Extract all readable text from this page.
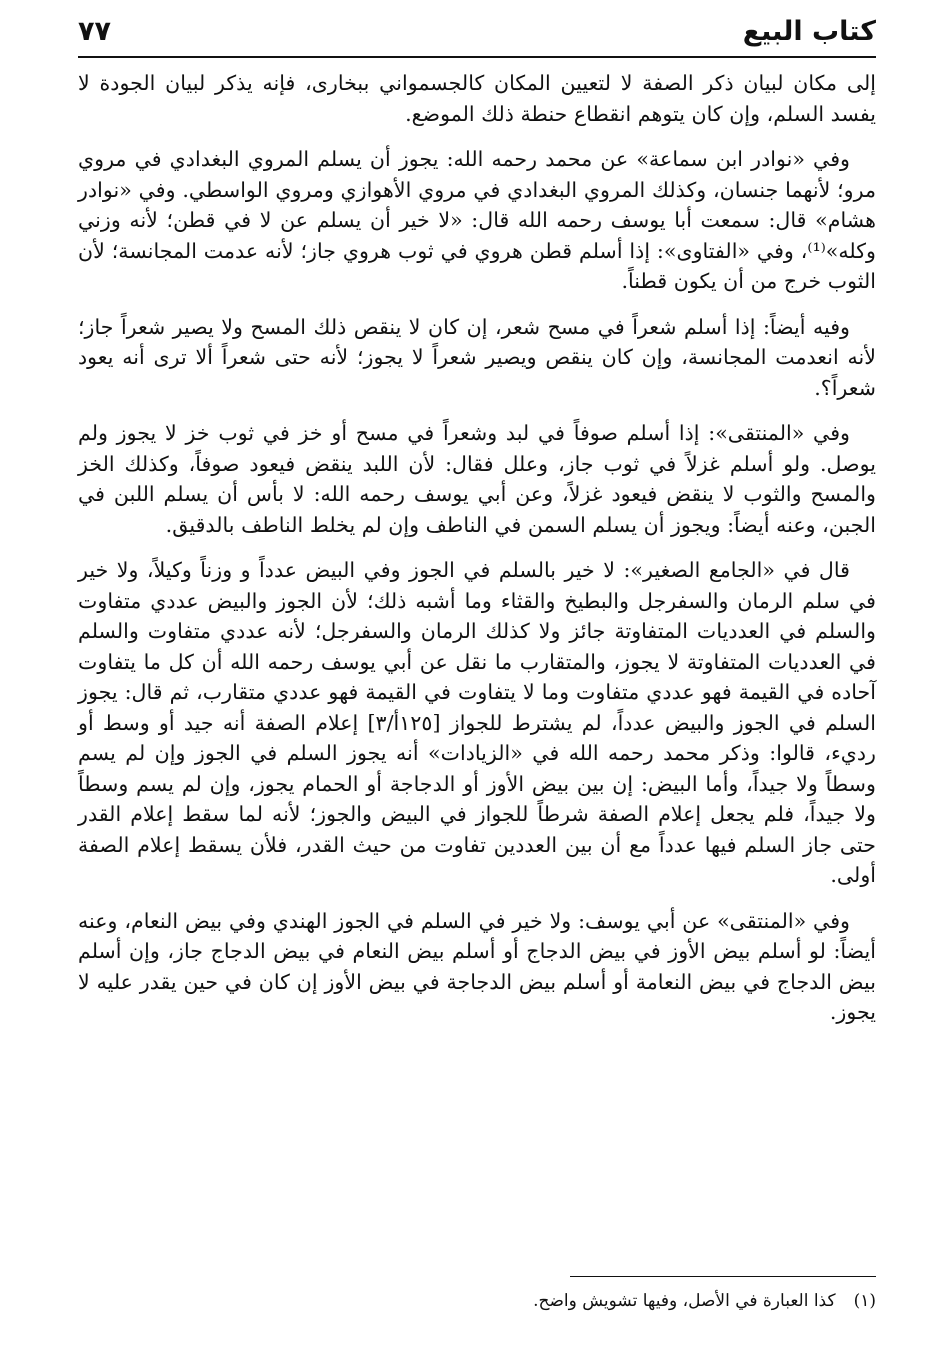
كتاب البيع
٧٧

إلى مكان لبيان ذكر الصفة لا لتعيين المكان كالجسمواني ببخارى، فإنه يذكر لبيان الجودة لا يفسد السلم، وإن كان يتوهم انقطاع حنطة ذلك الموضع.

وفي «نوادر ابن سماعة» عن محمد رحمه الله: يجوز أن يسلم المروي البغدادي في مروي مرو؛ لأنهما جنسان، وكذلك المروي البغدادي في مروي الأهوازي ومروي الواسطي. وفي «نوادر هشام» قال: سمعت أبا يوسف رحمه الله قال: «لا خير أن يسلم عن لا في قطن؛ لأنه وزني وكله»⁽¹⁾، وفي «الفتاوى»: إذا أسلم قطن هروي في ثوب هروي جاز؛ لأنه عدمت المجانسة؛ لأن الثوب خرج من أن يكون قطناً.

وفيه أيضاً: إذا أسلم شعراً في مسح شعر، إن كان لا ينقص ذلك المسح ولا يصير شعراً جاز؛ لأنه انعدمت المجانسة، وإن كان ينقص ويصير شعراً لا يجوز؛ لأنه حتى شعراً ألا ترى أنه يعود شعراً؟.

وفي «المنتقى»: إذا أسلم صوفاً في لبد وشعراً في مسح أو خز في ثوب خز لا يجوز ولم يوصل. ولو أسلم غزلاً في ثوب جاز، وعلل فقال: لأن اللبد ينقض فيعود صوفاً، وكذلك الخز والمسح والثوب لا ينقض فيعود غزلاً، وعن أبي يوسف رحمه الله: لا بأس أن يسلم اللبن في الجبن، وعنه أيضاً: ويجوز أن يسلم السمن في الناطف وإن لم يخلط الناطف بالدقيق.

قال في «الجامع الصغير»: لا خير بالسلم في الجوز وفي البيض عدداً و وزناً وكيلاً، ولا خير في سلم الرمان والسفرجل والبطيخ والقثاء وما أشبه ذلك؛ لأن الجوز والبيض عددي متفاوت والسلم في العدديات المتفاوتة جائز ولا كذلك الرمان والسفرجل؛ لأنه عددي متفاوت والسلم في العدديات المتفاوتة لا يجوز، والمتقارب ما نقل عن أبي يوسف رحمه الله أن كل ما يتفاوت آحاده في القيمة فهو عددي متفاوت وما لا يتفاوت في القيمة فهو عددي متقارب، ثم قال: يجوز السلم في الجوز والبيض عدداً، لم يشترط للجواز [١٢٥أ/٣] إعلام الصفة أنه جيد أو وسط أو رديء، قالوا: وذكر محمد رحمه الله في «الزيادات» أنه يجوز السلم في الجوز وإن لم يسم وسطاً ولا جيداً، وأما البيض: إن بين بيض الأوز أو الدجاجة أو الحمام يجوز، وإن لم يسم وسطاً ولا جيداً، فلم يجعل إعلام الصفة شرطاً للجواز في البيض والجوز؛ لأنه لما سقط إعلام القدر حتى جاز السلم فيها عدداً مع أن بين العددين تفاوت من حيث القدر، فلأن يسقط إعلام الصفة أولى.

وفي «المنتقى» عن أبي يوسف: ولا خير في السلم في الجوز الهندي وفي بيض النعام، وعنه أيضاً: لو أسلم بيض الأوز في بيض الدجاج أو أسلم بيض النعام في بيض الدجاج جاز، وإن أسلم بيض الدجاج في بيض النعامة أو أسلم بيض الدجاجة في بيض الأوز إن كان في حين يقدر عليه لا يجوز.

(١)كذا العبارة في الأصل، وفيها تشويش واضح.
